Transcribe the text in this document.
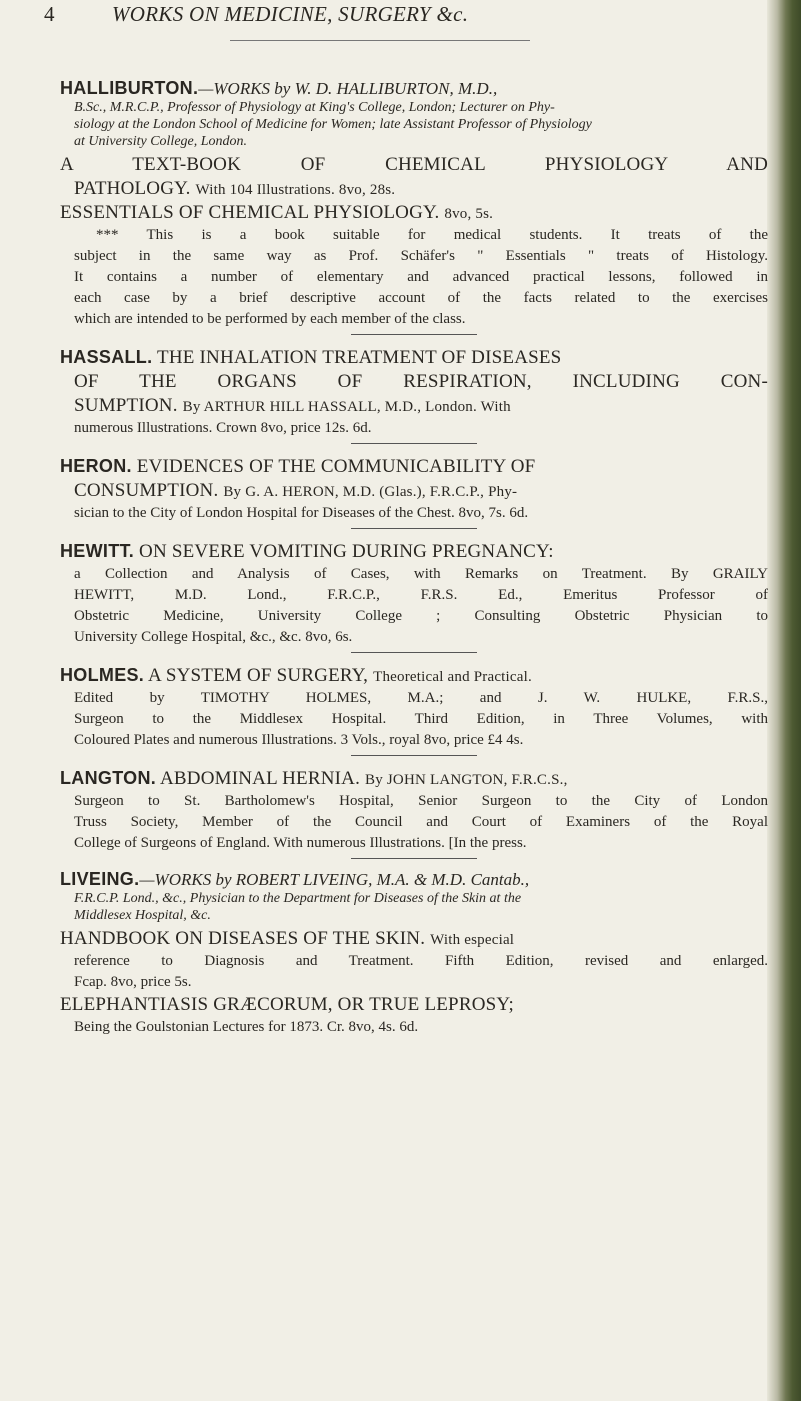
4	WORKS ON MEDICINE, SURGERY &c.
HALLIBURTON.—WORKS by W. D. HALLIBURTON, M.D.,
B.Sc., M.R.C.P., Professor of Physiology at King's College, London; Lecturer on Phy-
siology at the London School of Medicine for Women; late Assistant Professor of Physiology
at University College, London.
A TEXT-BOOK OF CHEMICAL PHYSIOLOGY AND
PATHOLOGY. With 104 Illustrations. 8vo, 28s.
ESSENTIALS OF CHEMICAL PHYSIOLOGY. 8vo, 5s.
*** This is a book suitable for medical students. It treats of the
subject in the same way as Prof. Schäfer's " Essentials " treats of Histology.
It contains a number of elementary and advanced practical lessons, followed in
each case by a brief descriptive account of the facts related to the exercises
which are intended to be performed by each member of the class.
HASSALL. THE INHALATION TREATMENT OF DISEASES
OF THE ORGANS OF RESPIRATION, INCLUDING CON-
SUMPTION. By ARTHUR HILL HASSALL, M.D., London. With
numerous Illustrations. Crown 8vo, price 12s. 6d.
HERON. EVIDENCES OF THE COMMUNICABILITY OF
CONSUMPTION. By G. A. HERON, M.D. (Glas.), F.R.C.P., Phy-
sician to the City of London Hospital for Diseases of the Chest. 8vo, 7s. 6d.
HEWITT. ON SEVERE VOMITING DURING PREGNANCY:
a Collection and Analysis of Cases, with Remarks on Treatment. By GRAILY
HEWITT, M.D. Lond., F.R.C.P., F.R.S. Ed., Emeritus Professor of
Obstetric Medicine, University College ; Consulting Obstetric Physician to
University College Hospital, &c., &c. 8vo, 6s.
HOLMES. A SYSTEM OF SURGERY, Theoretical and Practical.
Edited by TIMOTHY HOLMES, M.A.; and J. W. HULKE, F.R.S.,
Surgeon to the Middlesex Hospital. Third Edition, in Three Volumes, with
Coloured Plates and numerous Illustrations. 3 Vols., royal 8vo, price £4 4s.
LANGTON. ABDOMINAL HERNIA. By JOHN LANGTON, F.R.C.S.,
Surgeon to St. Bartholomew's Hospital, Senior Surgeon to the City of London
Truss Society, Member of the Council and Court of Examiners of the Royal
College of Surgeons of England. With numerous Illustrations. [In the press.
LIVEING.—WORKS by ROBERT LIVEING, M.A. & M.D. Cantab.,
F.R.C.P. Lond., &c., Physician to the Department for Diseases of the Skin at the
Middlesex Hospital, &c.
HANDBOOK ON DISEASES OF THE SKIN. With especial
reference to Diagnosis and Treatment. Fifth Edition, revised and enlarged.
Fcap. 8vo, price 5s.
ELEPHANTIASIS GRÆCORUM, OR TRUE LEPROSY;
Being the Goulstonian Lectures for 1873. Cr. 8vo, 4s. 6d.
